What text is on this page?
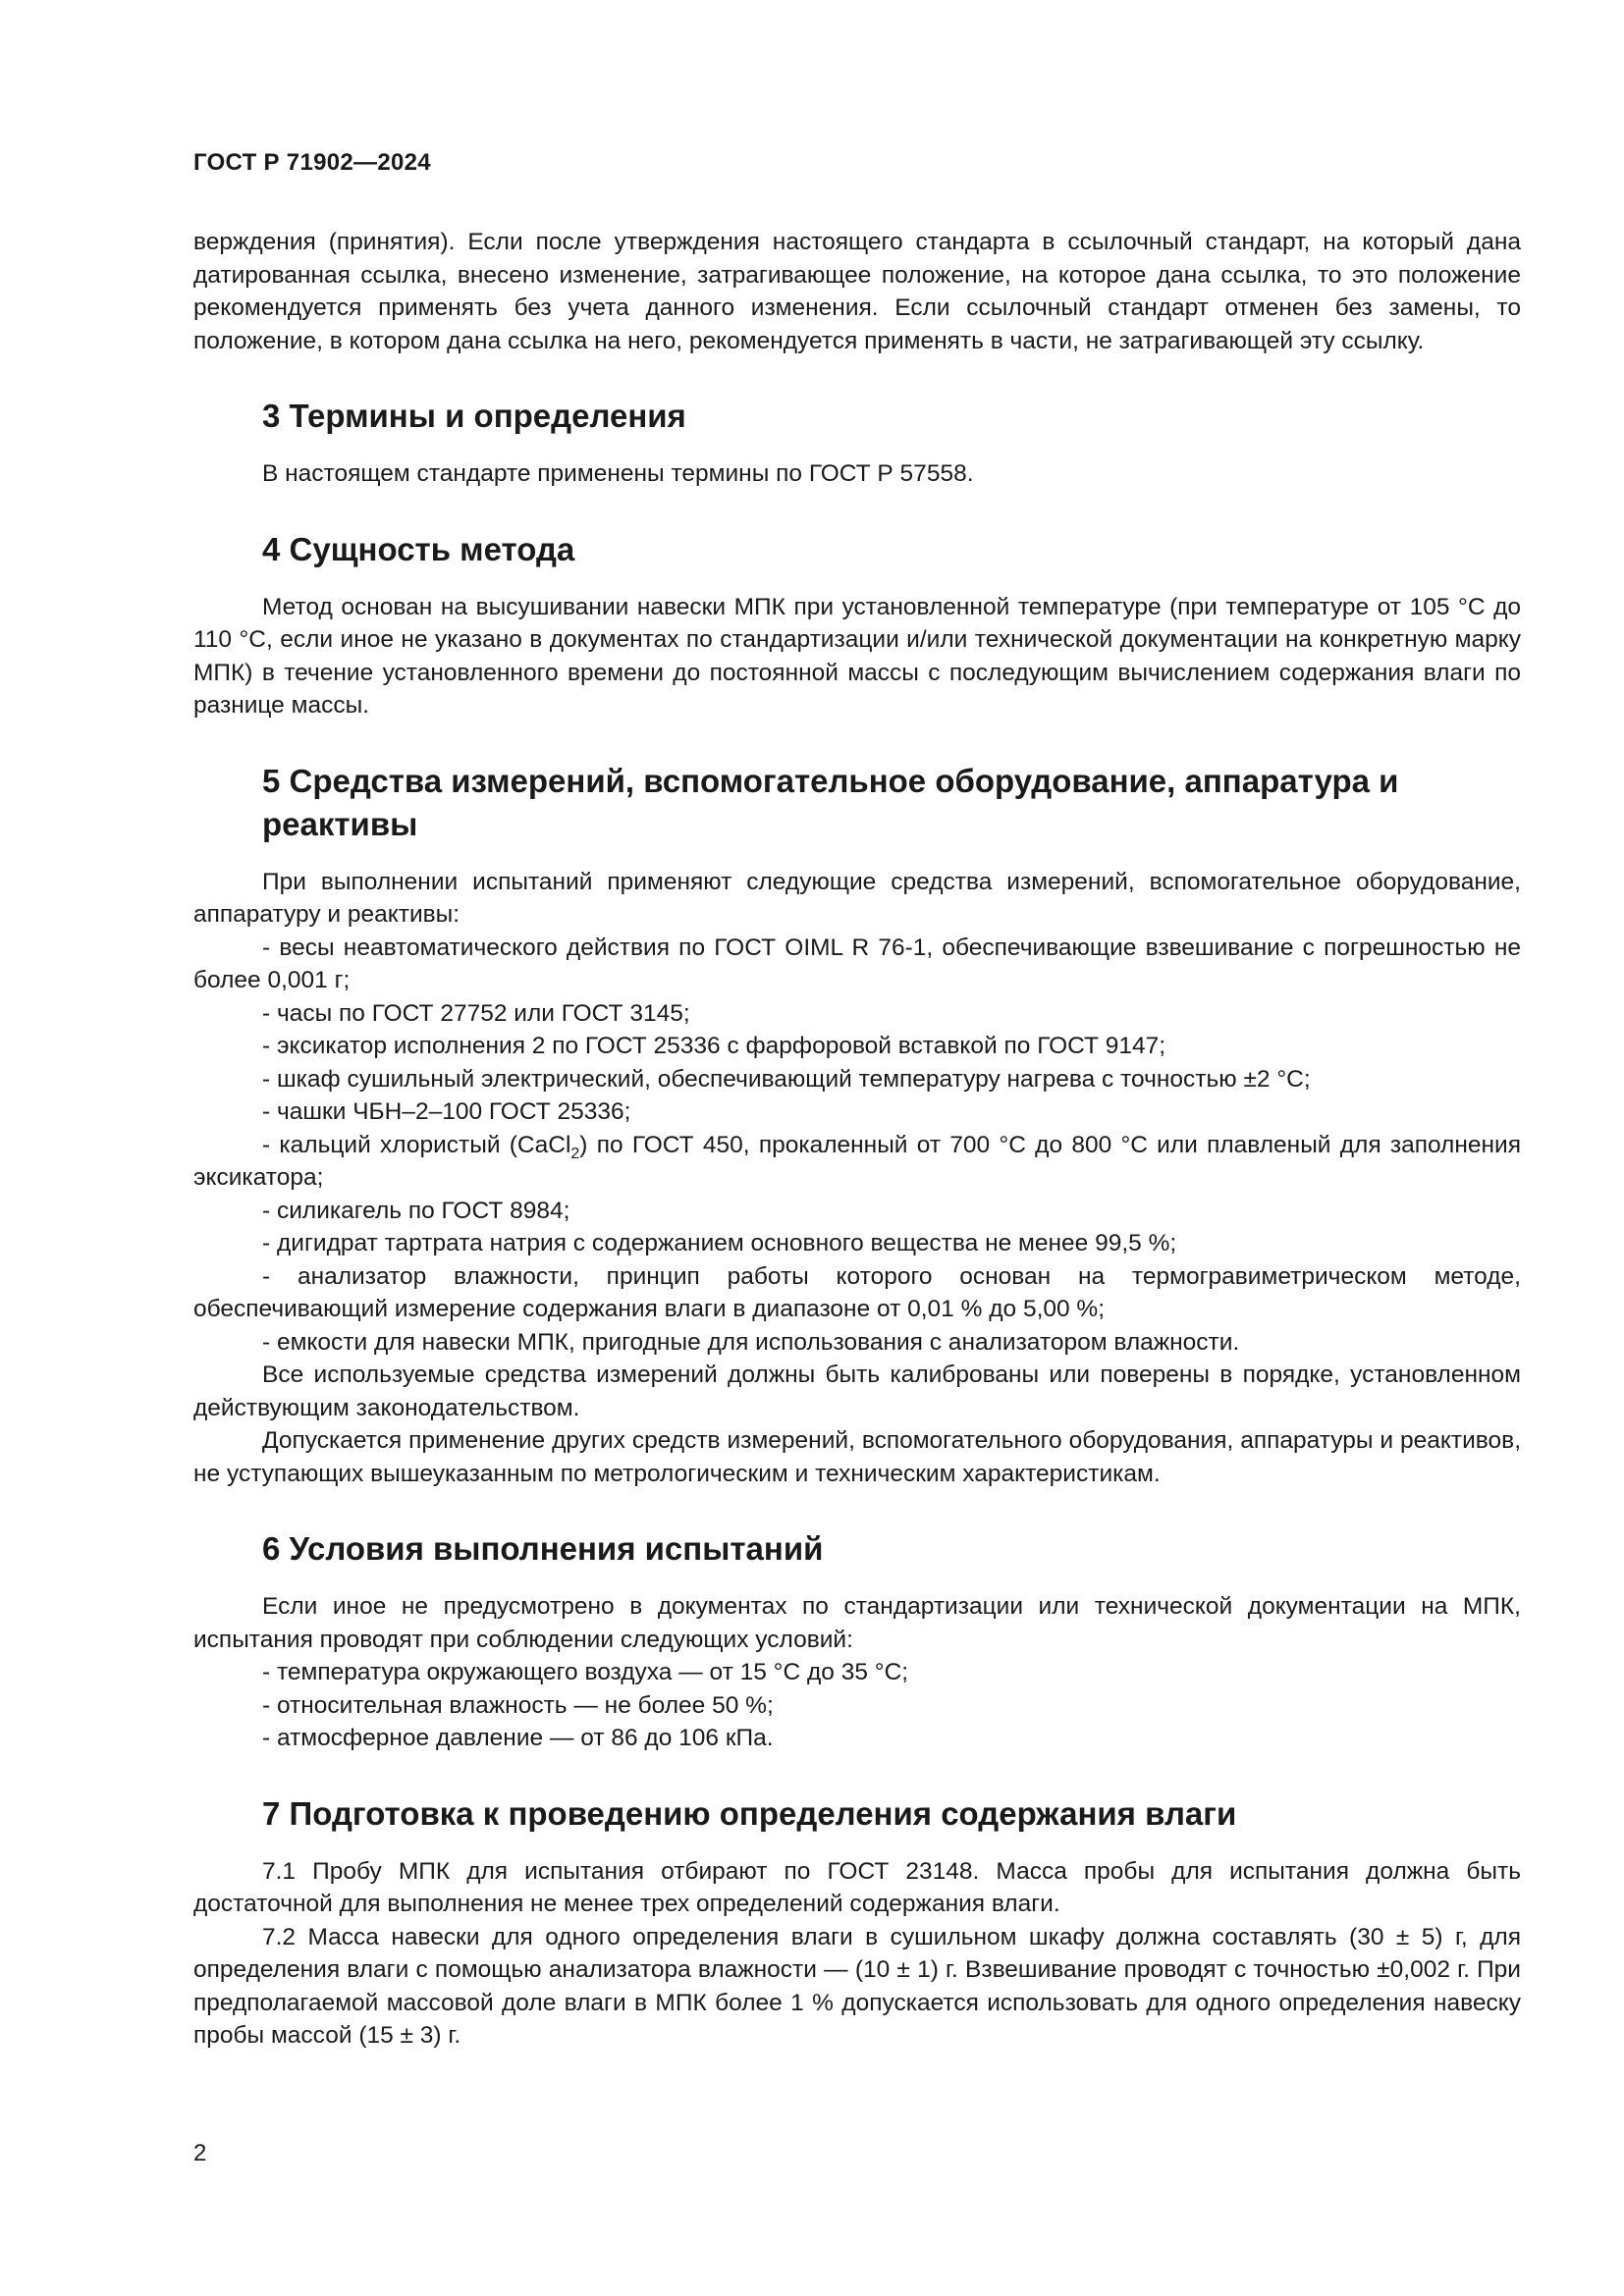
ГОСТ Р 71902—2024

верждения (принятия). Если после утверждения настоящего стандарта в ссылочный стандарт, на который дана датированная ссылка, внесено изменение, затрагивающее положение, на которое дана ссылка, то это положение рекомендуется применять без учета данного изменения. Если ссылочный стандарт отменен без замены, то положение, в котором дана ссылка на него, рекомендуется применять в части, не затрагивающей эту ссылку.

3 Термины и определения

В настоящем стандарте применены термины по ГОСТ Р 57558.

4 Сущность метода

Метод основан на высушивании навески МПК при установленной температуре (при температуре от 105 °С до 110 °С, если иное не указано в документах по стандартизации и/или технической документации на конкретную марку МПК) в течение установленного времени до постоянной массы с последующим вычислением содержания влаги по разнице массы.

5 Средства измерений, вспомогательное оборудование, аппаратура и реактивы

При выполнении испытаний применяют следующие средства измерений, вспомогательное оборудование, аппаратуру и реактивы:

- весы неавтоматического действия по ГОСТ OIML R 76-1, обеспечивающие взвешивание с погрешностью не более 0,001 г;

- часы по ГОСТ 27752 или ГОСТ 3145;

- эксикатор исполнения 2 по ГОСТ 25336 с фарфоровой вставкой по ГОСТ 9147;

- шкаф сушильный электрический, обеспечивающий температуру нагрева с точностью ±2 °С;

- чашки ЧБН–2–100 ГОСТ 25336;

- кальций хлористый (CaCl$_2$) по ГОСТ 450, прокаленный от 700 °С до 800 °С или плавленый для заполнения эксикатора;

- силикагель по ГОСТ 8984;

- дигидрат тартрата натрия с содержанием основного вещества не менее 99,5 %;

- анализатор влажности, принцип работы которого основан на термогравиметрическом методе, обеспечивающий измерение содержания влаги в диапазоне от 0,01 % до 5,00 %;

- емкости для навески МПК, пригодные для использования с анализатором влажности.

Все используемые средства измерений должны быть калиброваны или поверены в порядке, установленном действующим законодательством.

Допускается применение других средств измерений, вспомогательного оборудования, аппаратуры и реактивов, не уступающих вышеуказанным по метрологическим и техническим характеристикам.

6 Условия выполнения испытаний

Если иное не предусмотрено в документах по стандартизации или технической документации на МПК, испытания проводят при соблюдении следующих условий:

- температура окружающего воздуха — от 15 °С до 35 °С;

- относительная влажность — не более 50 %;

- атмосферное давление — от 86 до 106 кПа.

7 Подготовка к проведению определения содержания влаги

7.1 Пробу МПК для испытания отбирают по ГОСТ 23148. Масса пробы для испытания должна быть достаточной для выполнения не менее трех определений содержания влаги.

7.2 Масса навески для одного определения влаги в сушильном шкафу должна составлять (30 ± 5) г, для определения влаги с помощью анализатора влажности — (10 ± 1) г. Взвешивание проводят с точностью ±0,002 г. При предполагаемой массовой доле влаги в МПК более 1 % допускается использовать для одного определения навеску пробы массой (15 ± 3) г.

2
